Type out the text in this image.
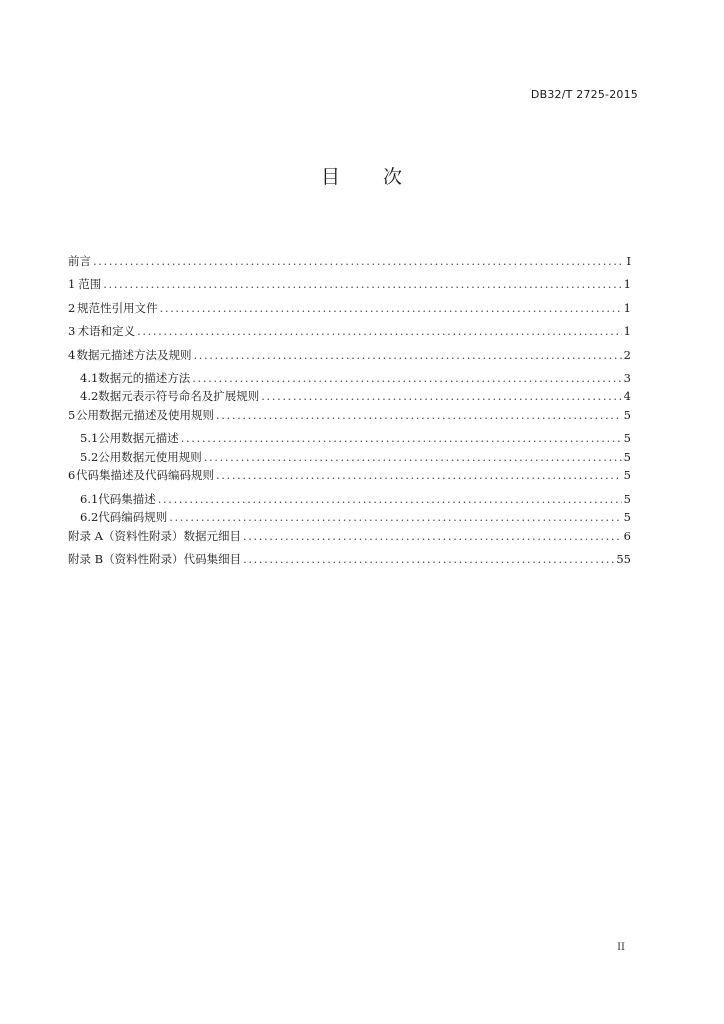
DB32/T 2725-2015
目 次
前言 .....	I
1 范围 .....	1
2 规范性引用文件 .....	1
3 术语和定义 .....	1
4 数据元描述方法及规则 .....	2
4.1 数据元的描述方法 .....	3
4.2 数据元表示符号命名及扩展规则 .....	4
5 公用数据元描述及使用规则 .....	5
5.1 公用数据元描述 .....	5
5.2 公用数据元使用规则 .....	5
6 代码集描述及代码编码规则 .....	5
6.1 代码集描述 .....	5
6.2 代码编码规则 .....	5
附录 A（资料性附录）数据元细目 .....	6
附录 B（资料性附录）代码集细目 .....	55
II
